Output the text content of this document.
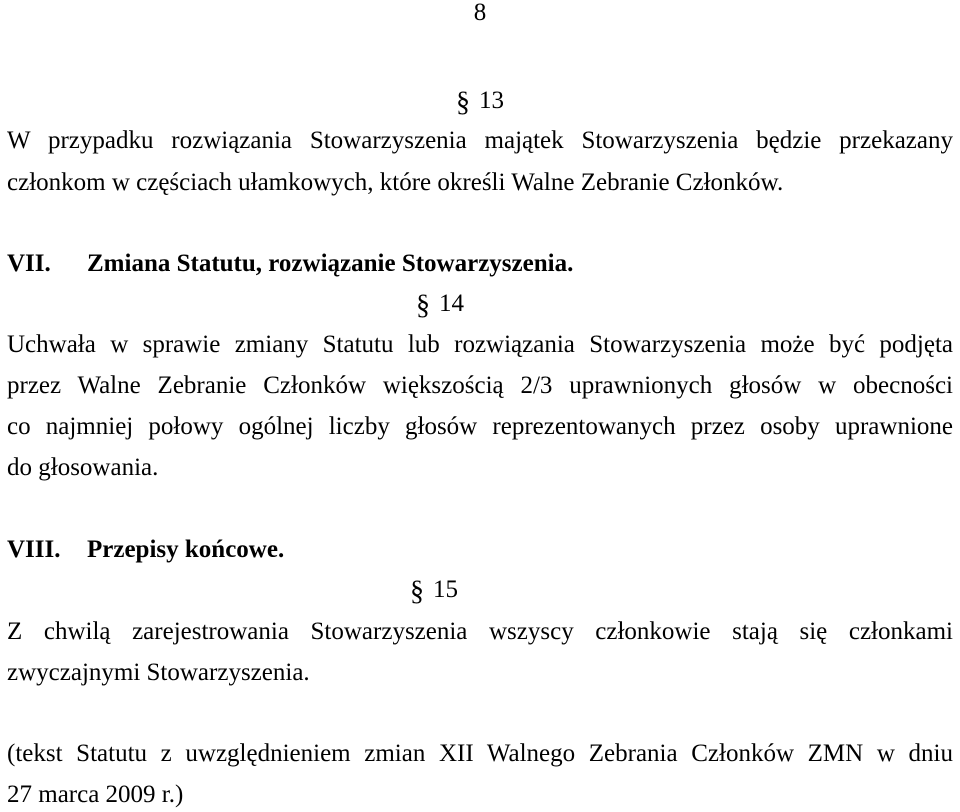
8
§ 13
W przypadku rozwiązania Stowarzyszenia majątek Stowarzyszenia będzie przekazany
członkom w częściach ułamkowych, które określi Walne Zebranie Członków.
VII. Zmiana Statutu, rozwiązanie Stowarzyszenia.
§ 14
Uchwała w sprawie zmiany Statutu lub rozwiązania Stowarzyszenia może być podjęta
przez Walne Zebranie Członków większością 2/3 uprawnionych głosów w obecności
co najmniej połowy ogólnej liczby głosów reprezentowanych przez osoby uprawnione
do głosowania.
VIII. Przepisy końcowe.
§ 15
Z chwilą zarejestrowania Stowarzyszenia wszyscy członkowie stają się członkami
zwyczajnymi Stowarzyszenia.
(tekst Statutu z uwzględnieniem zmian XII Walnego Zebrania Członków ZMN w dniu
27 marca 2009 r.)
